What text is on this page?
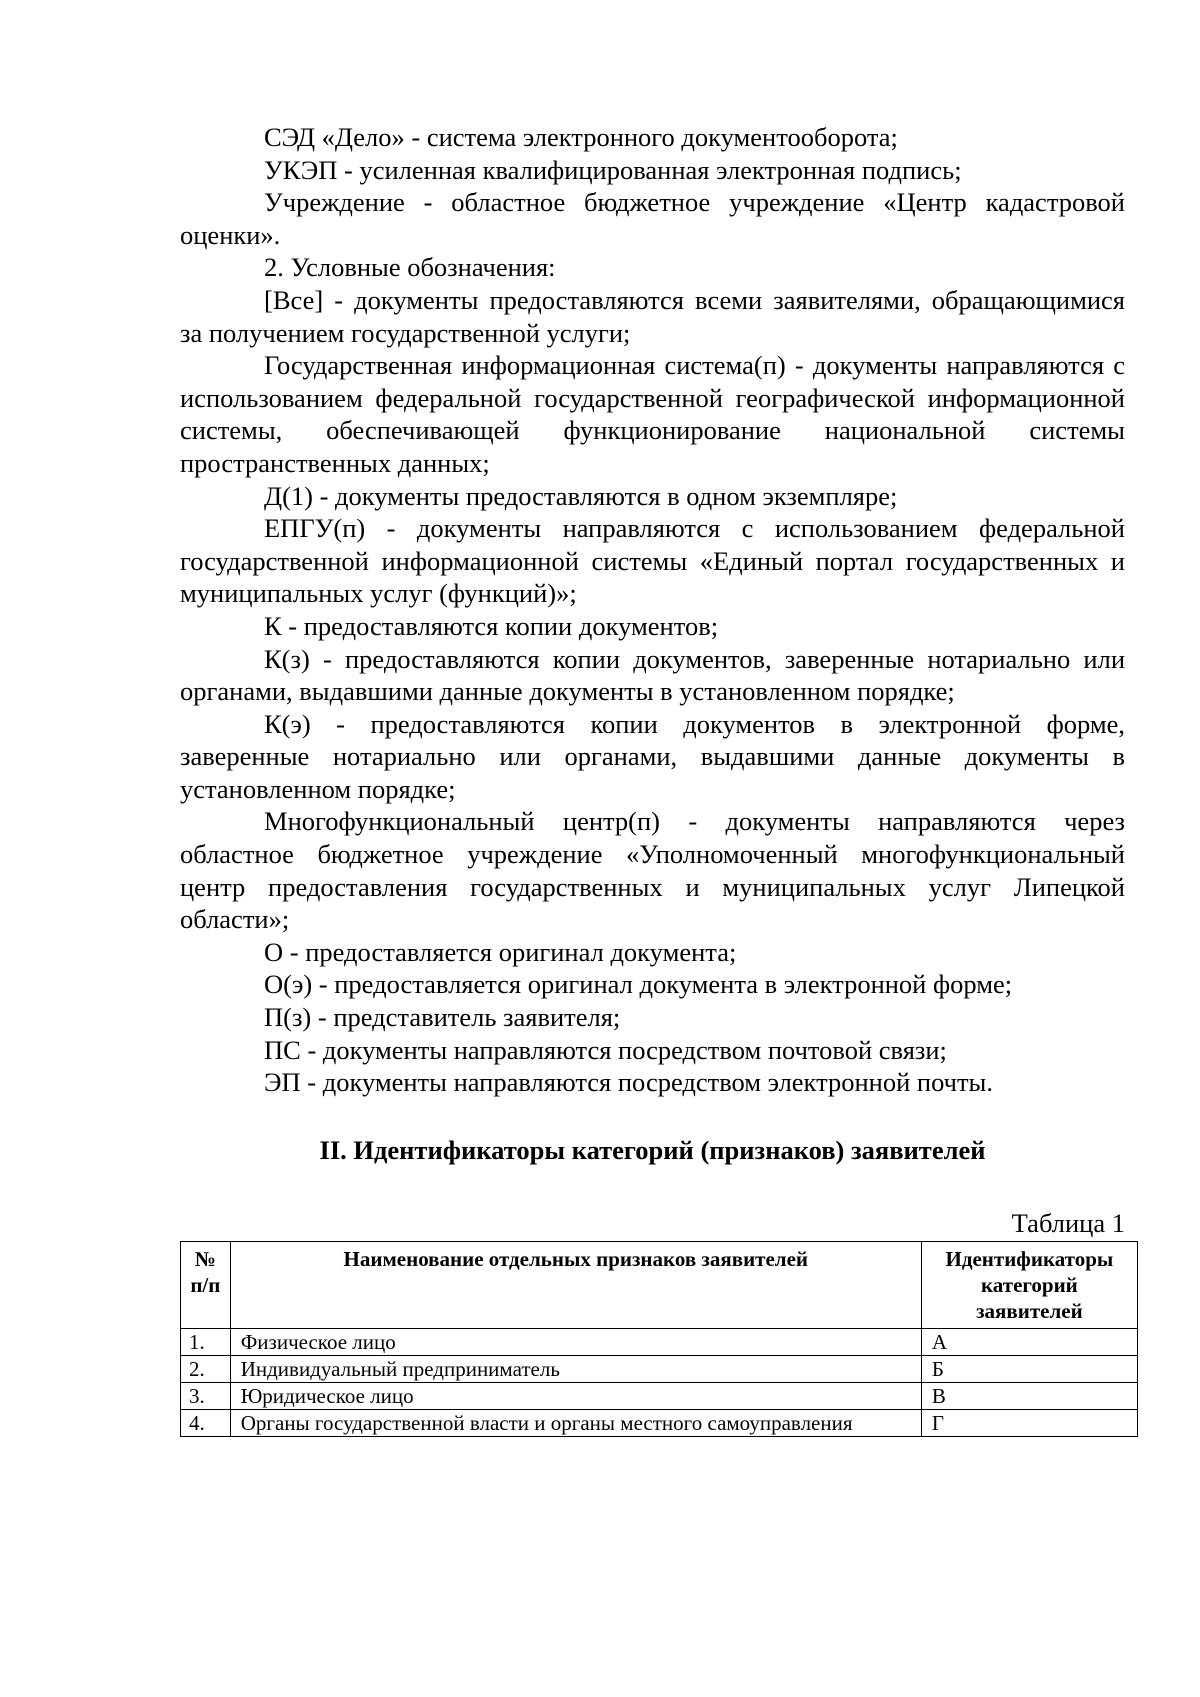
СЭД «Дело» - система электронного документооборота;

УКЭП - усиленная квалифицированная электронная подпись;

Учреждение - областное бюджетное учреждение «Центр кадастровой оценки».

2. Условные обозначения:

[Все] - документы предоставляются всеми заявителями, обращающимися за получением государственной услуги;

Государственная информационная система(п) - документы направляются с использованием федеральной государственной географической информационной системы, обеспечивающей функционирование национальной системы пространственных данных;

Д(1) - документы предоставляются в одном экземпляре;

ЕПГУ(п) - документы направляются с использованием федеральной государственной информационной системы «Единый портал государственных и муниципальных услуг (функций)»;

К - предоставляются копии документов;

К(з) - предоставляются копии документов, заверенные нотариально или органами, выдавшими данные документы в установленном порядке;

К(э) - предоставляются копии документов в электронной форме, заверенные нотариально или органами, выдавшими данные документы в установленном порядке;

Многофункциональный центр(п) - документы направляются через областное бюджетное учреждение «Уполномоченный многофункциональный центр предоставления государственных и муниципальных услуг Липецкой области»;

О - предоставляется оригинал документа;

О(э) - предоставляется оригинал документа в электронной форме;

П(з) - представитель заявителя;

ПС - документы направляются посредством почтовой связи;

ЭП - документы направляются посредством электронной почты.

II. Идентификаторы категорий (признаков) заявителей
Таблица 1
№ п/п	Наименование отдельных признаков заявителей	Идентификаторы категорий заявителей
1.	Физическое лицо	А
2.	Индивидуальный предприниматель	Б
3.	Юридическое лицо	В
4.	Органы государственной власти и органы местного самоуправления	Г
